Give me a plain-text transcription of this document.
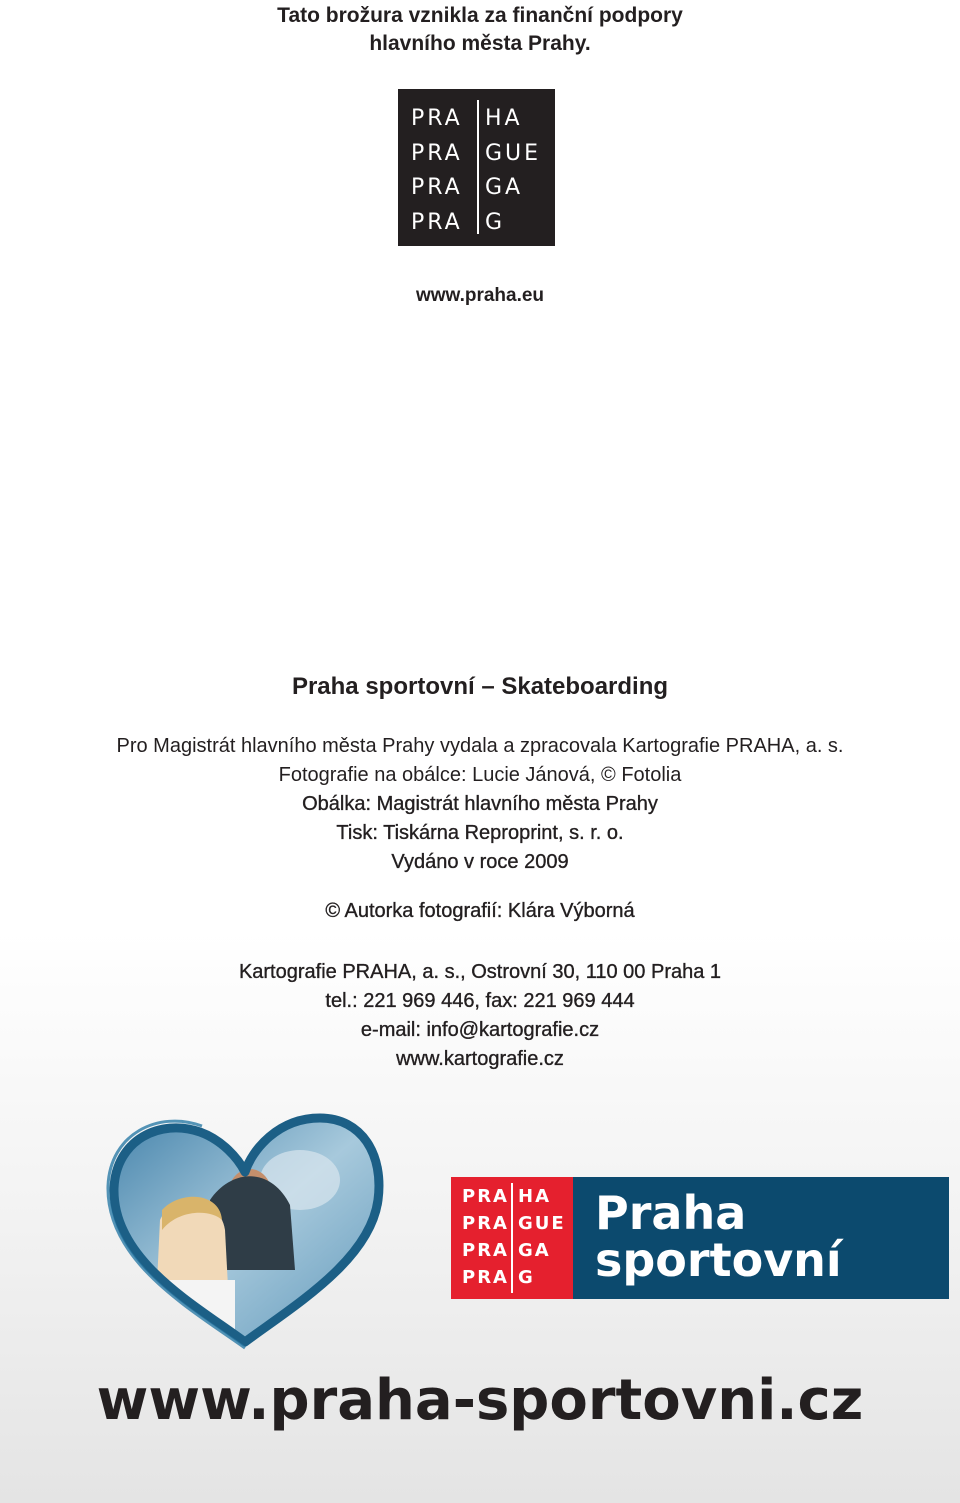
Tato brožura vznikla za finanční podpory
hlavního města Prahy.
PRA
PRA
PRA
PRA
HA
GUE
GA
G
www.praha.eu
Praha sportovní – Skateboarding
Pro Magistrát hlavního města Prahy vydala a zpracovala Kartografie PRAHA, a. s.
Fotografie na obálce: Lucie Jánová, © Fotolia
Obálka: Magistrát hlavního města Prahy
Tisk: Tiskárna Reproprint, s. r. o.
Vydáno v roce 2009
© Autorka fotografií: Klára Výborná
Kartografie PRAHA, a. s., Ostrovní 30, 110 00 Praha 1
tel.: 221 969 446, fax: 221 969 444
e-mail: info@kartografie.cz
www.kartografie.cz
PRA
PRA
PRA
PRA
HA
GUE
GA
G
Praha
sportovní
www.praha-sportovni.cz
